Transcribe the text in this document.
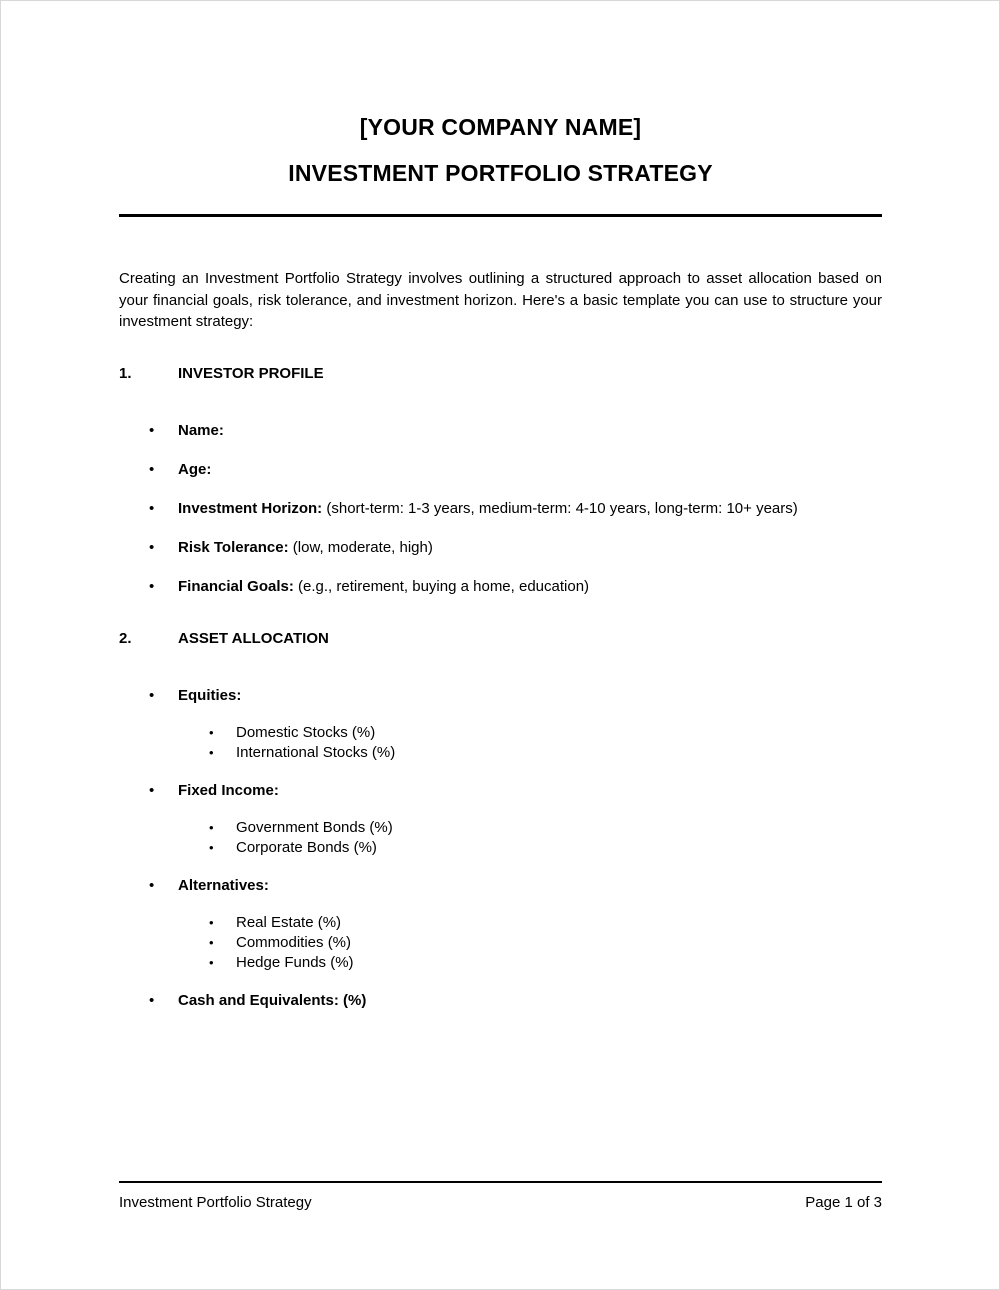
[YOUR COMPANY NAME]
INVESTMENT PORTFOLIO STRATEGY

Creating an Investment Portfolio Strategy involves outlining a structured approach to asset allocation based on your financial goals, risk tolerance, and investment horizon. Here's a basic template you can use to structure your investment strategy:

1.	INVESTOR PROFILE
•	Name:
•	Age:
•	Investment Horizon: (short-term: 1-3 years, medium-term: 4-10 years, long-term: 10+ years)
•	Risk Tolerance: (low, moderate, high)
•	Financial Goals: (e.g., retirement, buying a home, education)
2.	ASSET ALLOCATION
•	Equities:
•	Domestic Stocks (%)
•	International Stocks (%)
•	Fixed Income:
•	Government Bonds (%)
•	Corporate Bonds (%)
•	Alternatives:
•	Real Estate (%)
•	Commodities (%)
•	Hedge Funds (%)
•	Cash and Equivalents: (%)
Investment Portfolio Strategy	Page 1 of 3
